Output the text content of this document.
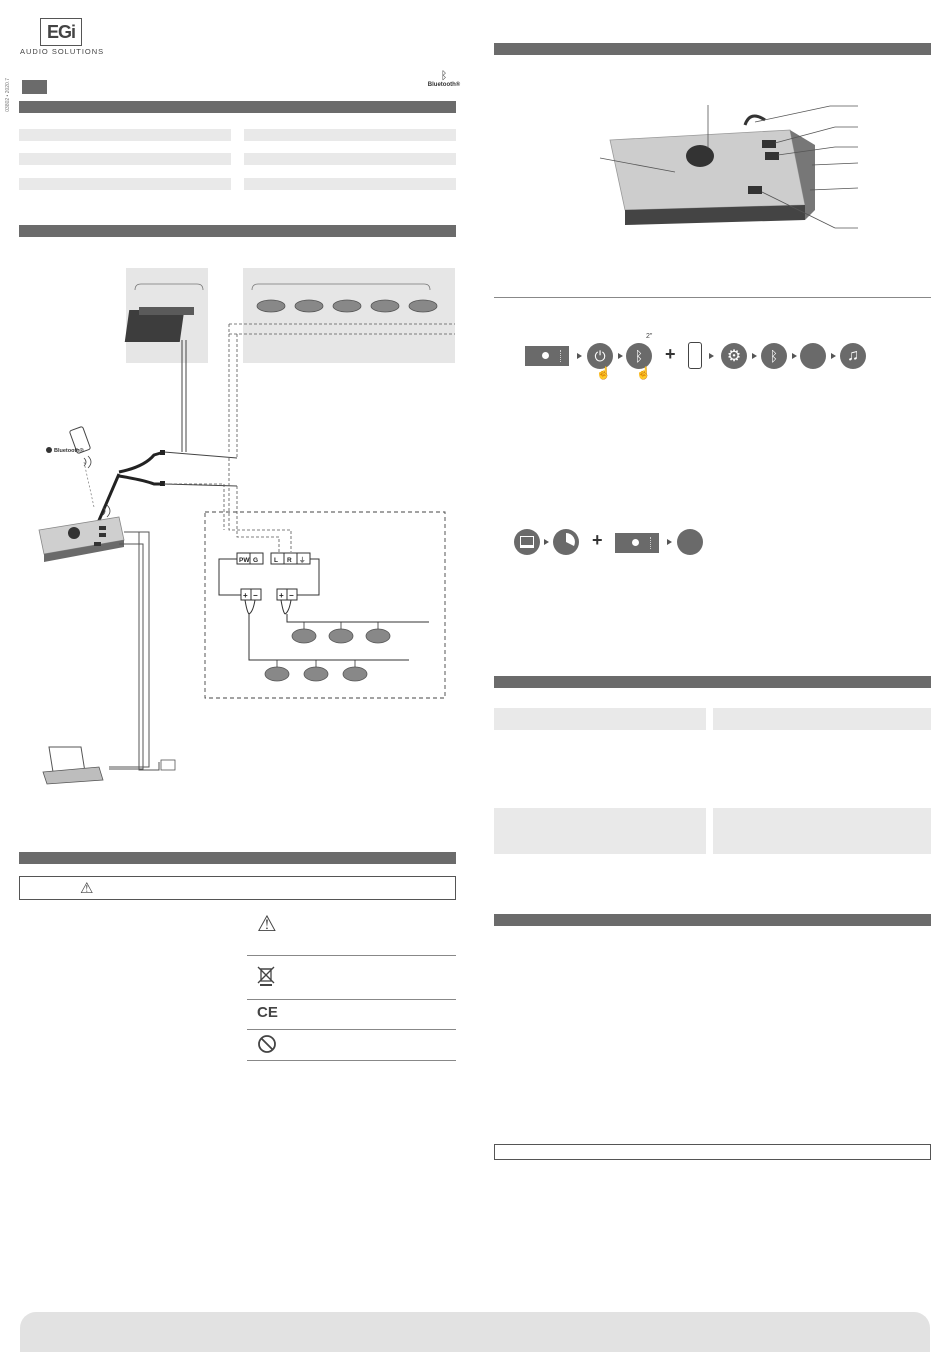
EGi
AUDIO SOLUTIONS
03802 • 2020.7
ᛒ
Bluetooth®
Bluetooth®
PW G L R ⏚
+ −	+ −
⚠
⚠
CE
⏻
☝
ᛒ
2"
☝
+	⚙	ᛒ	♫
+
